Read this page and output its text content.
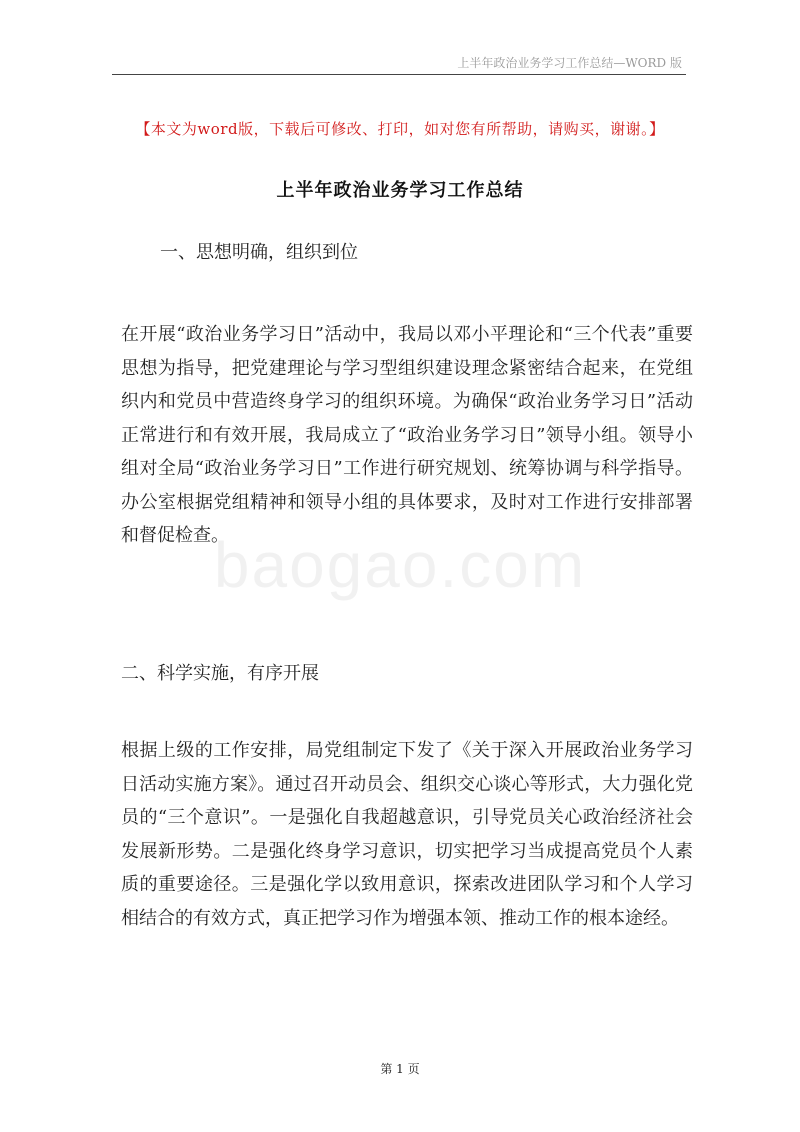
上半年政治业务学习工作总结—WORD 版
【本文为word版，下载后可修改、打印，如对您有所帮助，请购买，谢谢。】
上半年政治业务学习工作总结
一、思想明确，组织到位

在开展“政治业务学习日”活动中，我局以邓小平理论和“三个代表”重要思想为指导，把党建理论与学习型组织建设理念紧密结合起来，在党组织内和党员中营造终身学习的组织环境。为确保“政治业务学习日”活动正常进行和有效开展，我局成立了“政治业务学习日”领导小组。领导小组对全局“政治业务学习日”工作进行研究规划、统筹协调与科学指导。办公室根据党组精神和领导小组的具体要求，及时对工作进行安排部署和督促检查。

二、科学实施，有序开展

根据上级的工作安排，局党组制定下发了《关于深入开展政治业务学习日活动实施方案》。通过召开动员会、组织交心谈心等形式，大力强化党员的“三个意识”。一是强化自我超越意识，引导党员关心政治经济社会发展新形势。二是强化终身学习意识，切实把学习当成提高党员个人素质的重要途径。三是强化学以致用意识，探索改进团队学习和个人学习相结合的有效方式，真正把学习作为增强本领、推动工作的根本途经。

baogao.com
第 1 页
